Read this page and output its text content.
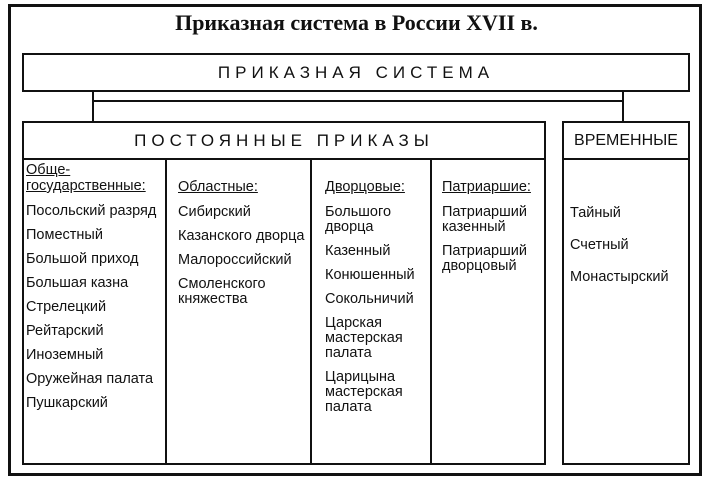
Приказная система в России XVII в.
ПРИКАЗНАЯ СИСТЕМА
ПОСТОЯННЫЕ ПРИКАЗЫ	ВРЕМЕННЫЕ
Обще-государственные:
Посольский разряд
Поместный
Большой приход
Большая казна
Стрелецкий
Рейтарский
Иноземный
Оружейная палата
Пушкарский
Областные:
Сибирский
Казанского дворца
Малороссийский
Смоленского княжества
Дворцовые:
Большого дворца
Казенный
Конюшенный
Сокольничий
Царская мастерская палата
Царицына мастерская палата
Патриаршие:
Патриарший казенный
Патриарший дворцовый
Тайный
Счетный
Монастырский
